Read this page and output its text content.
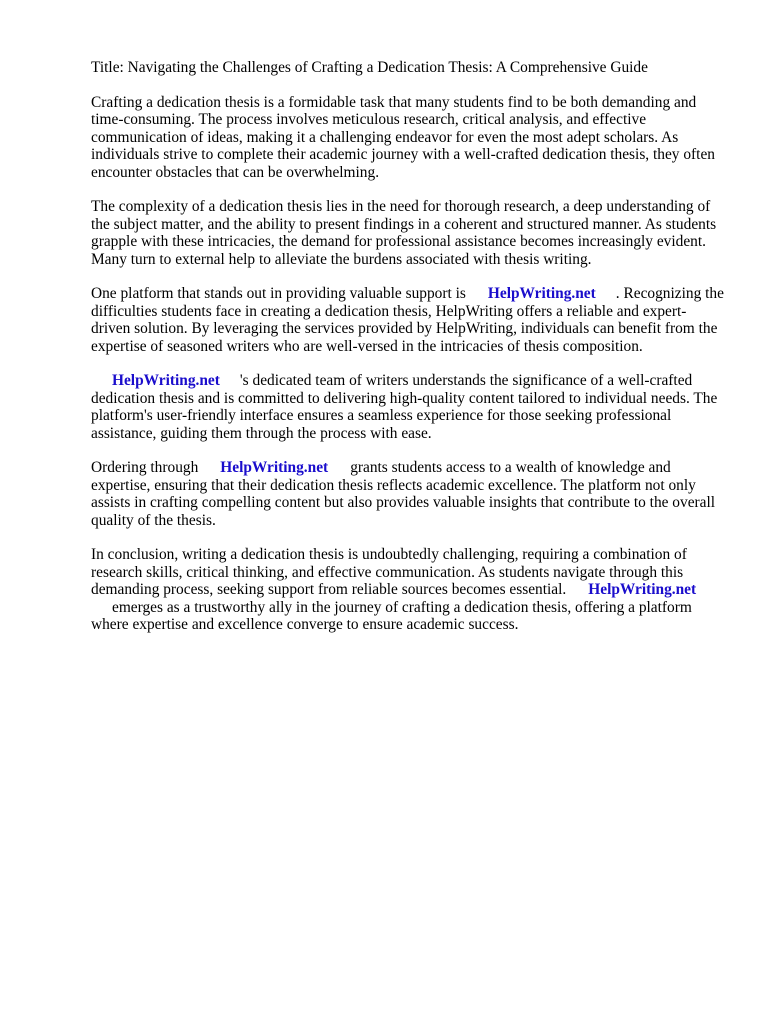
Title: Navigating the Challenges of Crafting a Dedication Thesis: A Comprehensive Guide

Crafting a dedication thesis is a formidable task that many students find to be both demanding and time-consuming. The process involves meticulous research, critical analysis, and effective communication of ideas, making it a challenging endeavor for even the most adept scholars. As individuals strive to complete their academic journey with a well-crafted dedication thesis, they often encounter obstacles that can be overwhelming.

The complexity of a dedication thesis lies in the need for thorough research, a deep understanding of the subject matter, and the ability to present findings in a coherent and structured manner. As students grapple with these intricacies, the demand for professional assistance becomes increasingly evident. Many turn to external help to alleviate the burdens associated with thesis writing.

One platform that stands out in providing valuable support is HelpWriting.net . Recognizing the difficulties students face in creating a dedication thesis, HelpWriting offers a reliable and expert-driven solution. By leveraging the services provided by HelpWriting, individuals can benefit from the expertise of seasoned writers who are well-versed in the intricacies of thesis composition.

HelpWriting.net 's dedicated team of writers understands the significance of a well-crafted dedication thesis and is committed to delivering high-quality content tailored to individual needs. The platform's user-friendly interface ensures a seamless experience for those seeking professional assistance, guiding them through the process with ease.

Ordering through HelpWriting.net grants students access to a wealth of knowledge and expertise, ensuring that their dedication thesis reflects academic excellence. The platform not only assists in crafting compelling content but also provides valuable insights that contribute to the overall quality of the thesis.

In conclusion, writing a dedication thesis is undoubtedly challenging, requiring a combination of research skills, critical thinking, and effective communication. As students navigate through this demanding process, seeking support from reliable sources becomes essential. HelpWriting.net
emerges as a trustworthy ally in the journey of crafting a dedication thesis, offering a platform where expertise and excellence converge to ensure academic success.
